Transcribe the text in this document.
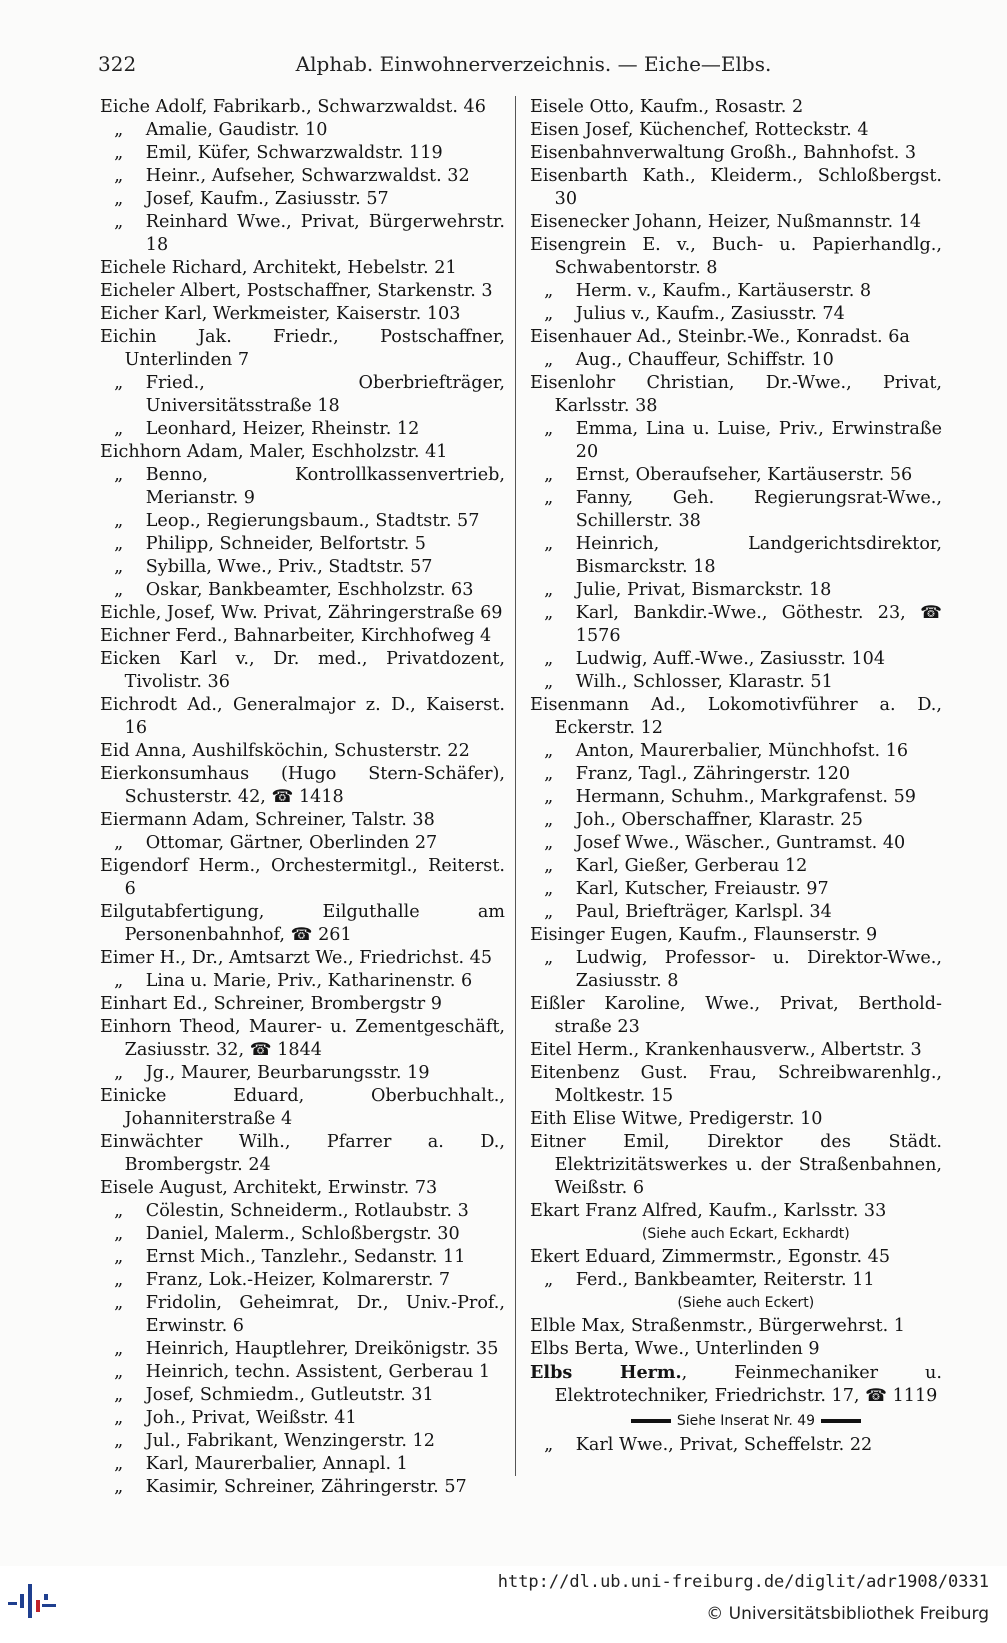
Alphab. Einwohnerverzeichnis. — Eiche—Elbs.
322
Eiche Adolf, Fabrikarb., Schwarzwaldst. 46
„ Amalie, Gaudistr. 10
„ Emil, Küfer, Schwarzwaldstr. 119
„ Heinr., Aufseher, Schwarzwaldst. 32
„ Josef, Kaufm., Zasiusstr. 57
„ Reinhard Wwe., Privat, Bürgerwehrstr. 18
Eichele Richard, Architekt, Hebelstr. 21
Eicheler Albert, Postschaffner, Starkenstr. 3
Eicher Karl, Werkmeister, Kaiserstr. 103
Eichin Jak. Friedr., Postschaffner, Unterlinden 7
„ Fried., Oberbriefträger, Universitätsstraße 18
„ Leonhard, Heizer, Rheinstr. 12
Eichhorn Adam, Maler, Eschholzstr. 41
„ Benno, Kontrollkassenvertrieb, Merianstr. 9
„ Leop., Regierungsbaum., Stadtstr. 57
„ Philipp, Schneider, Belfortstr. 5
„ Sybilla, Wwe., Priv., Stadtstr. 57
„ Oskar, Bankbeamter, Eschholzstr. 63
Eichle, Josef, Ww. Privat, Zähringerstraße 69
Eichner Ferd., Bahnarbeiter, Kirchhofweg 4
Eicken Karl v., Dr. med., Privatdozent, Tivolistr. 36
Eichrodt Ad., Generalmajor z. D., Kaiserst. 16
Eid Anna, Aushilfsköchin, Schusterstr. 22
Eierkonsumhaus (Hugo Stern-Schäfer), Schusterstr. 42, ☎ 1418
Eiermann Adam, Schreiner, Talstr. 38
„ Ottomar, Gärtner, Oberlinden 27
Eigendorf Herm., Orchestermitgl., Reiterst. 6
Eilgutabfertigung, Eilguthalle am Personenbahnhof, ☎ 261
Eimer H., Dr., Amtsarzt We., Friedrichst. 45
„ Lina u. Marie, Priv., Katharinenstr. 6
Einhart Ed., Schreiner, Brombergstr 9
Einhorn Theod, Maurer- u. Zementgeschäft, Zasiusstr. 32, ☎ 1844
„ Jg., Maurer, Beurbarungsstr. 19
Einicke Eduard, Oberbuchhalt., Johanniterstraße 4
Einwächter Wilh., Pfarrer a. D., Brombergstr. 24
Eisele August, Architekt, Erwinstr. 73
„ Cölestin, Schneiderm., Rotlaubstr. 3
„ Daniel, Malerm., Schloßbergstr. 30
„ Ernst Mich., Tanzlehr., Sedanstr. 11
„ Franz, Lok.-Heizer, Kolmarerstr. 7
„ Fridolin, Geheimrat, Dr., Univ.-Prof., Erwinstr. 6
„ Heinrich, Hauptlehrer, Dreikönigstr. 35
„ Heinrich, techn. Assistent, Gerberau 1
„ Josef, Schmiedm., Gutleutstr. 31
„ Joh., Privat, Weißstr. 41
„ Jul., Fabrikant, Wenzingerstr. 12
„ Karl, Maurerbalier, Annapl. 1
„ Kasimir, Schreiner, Zähringerstr. 57
Eisele Otto, Kaufm., Rosastr. 2
Eisen Josef, Küchenchef, Rotteckstr. 4
Eisenbahnverwaltung Großh., Bahnhofst. 3
Eisenbarth Kath., Kleiderm., Schloßbergst. 30
Eisenecker Johann, Heizer, Nußmannstr. 14
Eisengrein E. v., Buch- u. Papierhandlg., Schwabentorstr. 8
„ Herm. v., Kaufm., Kartäuserstr. 8
„ Julius v., Kaufm., Zasiusstr. 74
Eisenhauer Ad., Steinbr.-We., Konradst. 6a
„ Aug., Chauffeur, Schiffstr. 10
Eisenlohr Christian, Dr.-Wwe., Privat, Karlsstr. 38
„ Emma, Lina u. Luise, Priv., Erwinstraße 20
„ Ernst, Oberaufseher, Kartäuserstr. 56
„ Fanny, Geh. Regierungsrat-Wwe., Schillerstr. 38
„ Heinrich, Landgerichtsdirektor, Bismarckstr. 18
„ Julie, Privat, Bismarckstr. 18
„ Karl, Bankdir.-Wwe., Göthestr. 23, ☎ 1576
„ Ludwig, Auff.-Wwe., Zasiusstr. 104
„ Wilh., Schlosser, Klarastr. 51
Eisenmann Ad., Lokomotivführer a. D., Eckerstr. 12
„ Anton, Maurerbalier, Münchhofst. 16
„ Franz, Tagl., Zähringerstr. 120
„ Hermann, Schuhm., Markgrafenst. 59
„ Joh., Oberschaffner, Klarastr. 25
„ Josef Wwe., Wäscher., Guntramst. 40
„ Karl, Gießer, Gerberau 12
„ Karl, Kutscher, Freiaustr. 97
„ Paul, Briefträger, Karlspl. 34
Eisinger Eugen, Kaufm., Flaunserstr. 9
„ Ludwig, Professor- u. Direktor-Wwe., Zasiusstr. 8
Eißler Karoline, Wwe., Privat, Berthold-straße 23
Eitel Herm., Krankenhausverw., Albertstr. 3
Eitenbenz Gust. Frau, Schreibwarenhlg., Moltkestr. 15
Eith Elise Witwe, Predigerstr. 10
Eitner Emil, Direktor des Städt. Elektrizitätswerkes u. der Straßenbahnen, Weißstr. 6
Ekart Franz Alfred, Kaufm., Karlsstr. 33
(Siehe auch Eckart, Eckhardt)
Ekert Eduard, Zimmermstr., Egonstr. 45
„ Ferd., Bankbeamter, Reiterstr. 11
(Siehe auch Eckert)
Elble Max, Straßenmstr., Bürgerwehrst. 1
Elbs Berta, Wwe., Unterlinden 9
Elbs Herm., Feinmechaniker u. Elektrotechniker, Friedrichstr. 17, ☎ 1119
Siehe Inserat Nr. 49
„ Karl Wwe., Privat, Scheffelstr. 22
http://dl.ub.uni-freiburg.de/diglit/adr1908/0331
© Universitätsbibliothek Freiburg
